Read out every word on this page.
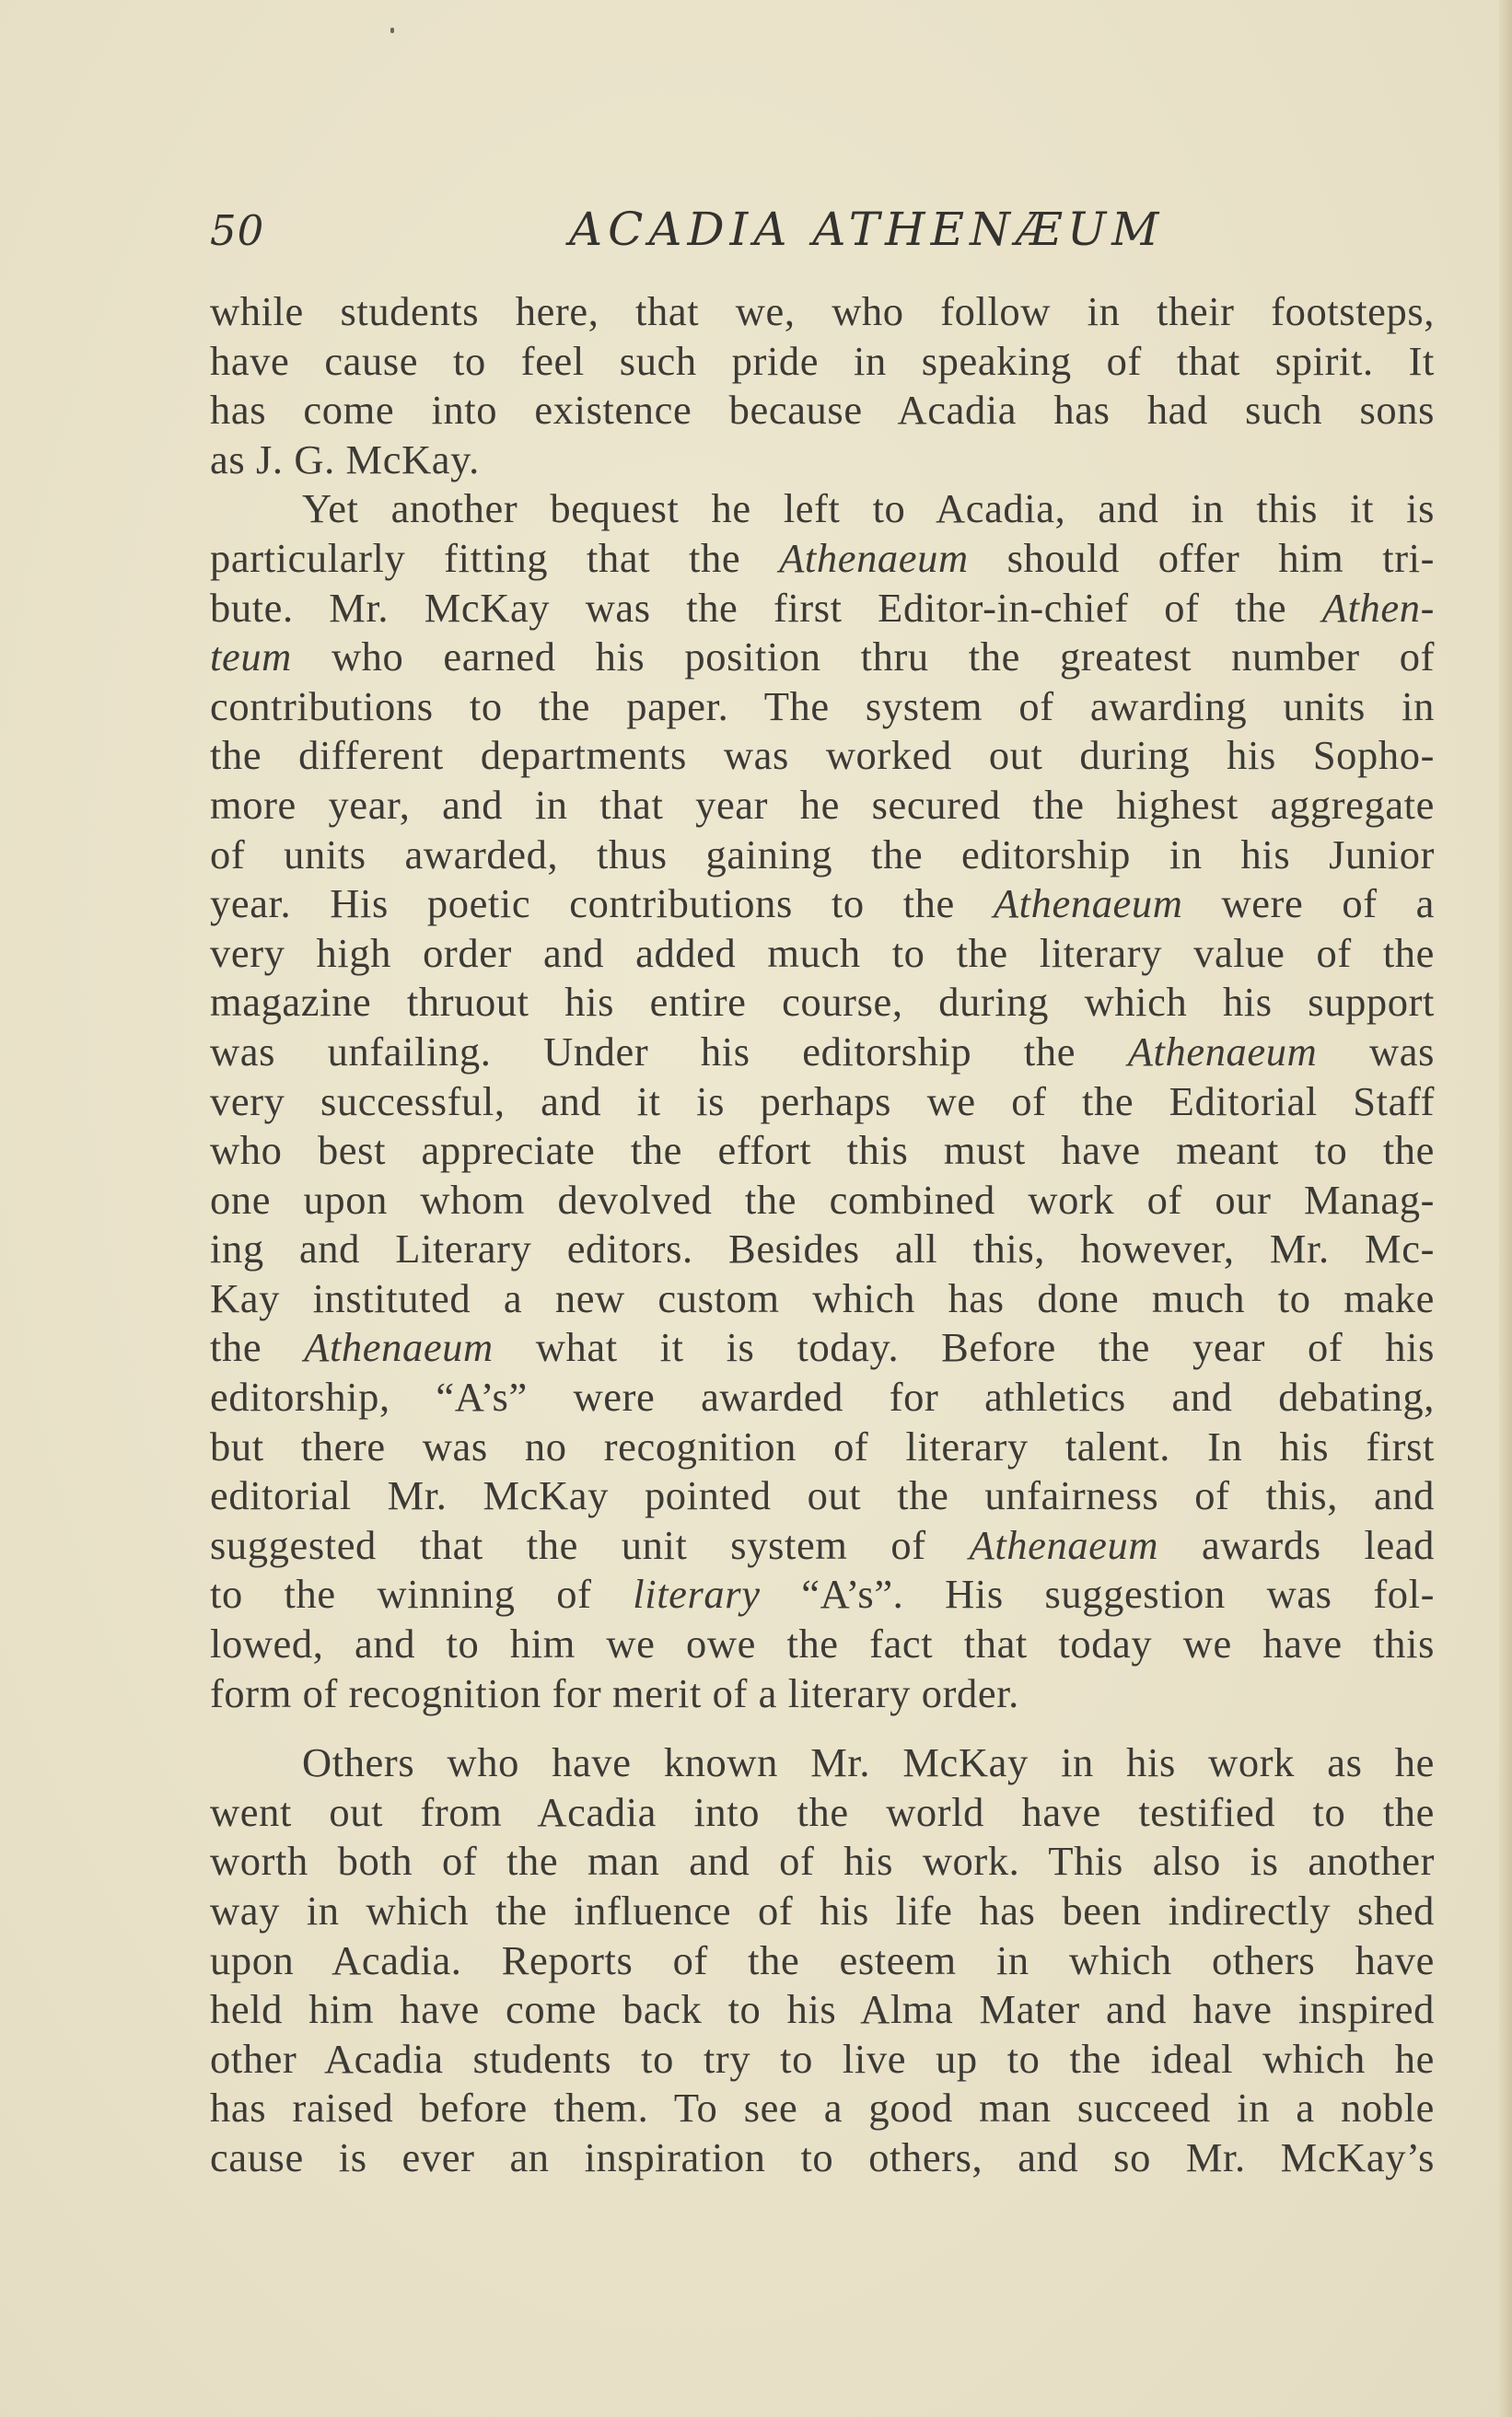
50	ACADIA ATHENÆUM
while students here, that we, who follow in their footsteps,
have cause to feel such pride in speaking of that spirit. It
has come into existence because Acadia has had such sons
as J. G. McKay.
Yet another bequest he left to Acadia, and in this it is
particularly fitting that the Athenaeum should offer him tri-
bute. Mr. McKay was the first Editor-in-chief of the Athen-
teum who earned his position thru the greatest number of
contributions to the paper. The system of awarding units in
the different departments was worked out during his Sopho-
more year, and in that year he secured the highest aggregate
of units awarded, thus gaining the editorship in his Junior
year. His poetic contributions to the Athenaeum were of a
very high order and added much to the literary value of the
magazine thruout his entire course, during which his support
was unfailing. Under his editorship the Athenaeum was
very successful, and it is perhaps we of the Editorial Staff
who best appreciate the effort this must have meant to the
one upon whom devolved the combined work of our Manag-
ing and Literary editors. Besides all this, however, Mr. Mc-
Kay instituted a new custom which has done much to make
the Athenaeum what it is today. Before the year of his
editorship, “A’s” were awarded for athletics and debating,
but there was no recognition of literary talent. In his first
editorial Mr. McKay pointed out the unfairness of this, and
suggested that the unit system of Athenaeum awards lead
to the winning of literary “A’s”. His suggestion was fol-
lowed, and to him we owe the fact that today we have this
form of recognition for merit of a literary order.
Others who have known Mr. McKay in his work as he
went out from Acadia into the world have testified to the
worth both of the man and of his work. This also is another
way in which the influence of his life has been indirectly shed
upon Acadia. Reports of the esteem in which others have
held him have come back to his Alma Mater and have inspired
other Acadia students to try to live up to the ideal which he
has raised before them. To see a good man succeed in a noble
cause is ever an inspiration to others, and so Mr. McKay’s
